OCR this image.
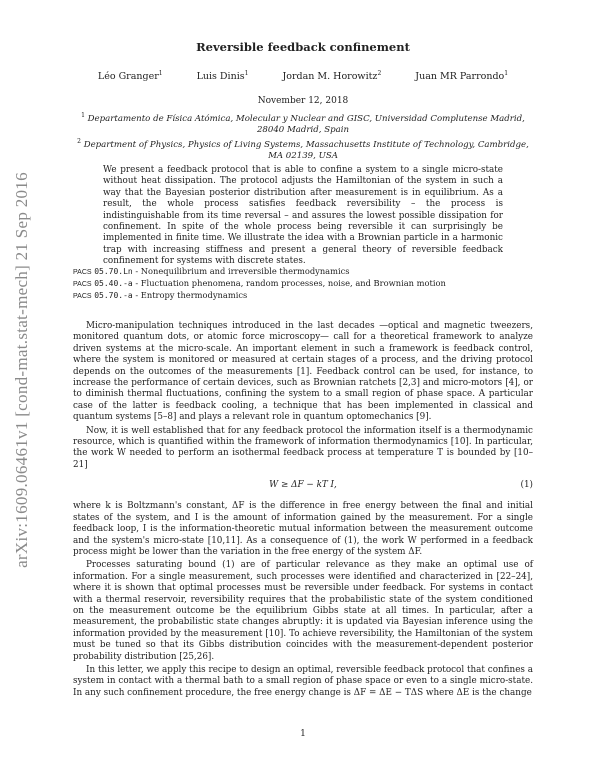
arXiv:1609.06461v1 [cond-mat.stat-mech] 21 Sep 2016
Reversible feedback confinement
Léo Granger$^1$	Luis Dinis$^1$	Jordan M. Horowitz$^2$	Juan MR Parrondo$^1$
November 12, 2018
$^1$ Departamento de Física Atómica, Molecular y Nuclear and GISC, Universidad Complutense Madrid,
28040 Madrid, Spain
$^2$ Department of Physics, Physics of Living Systems, Massachusetts Institute of Technology, Cambridge,
MA 02139, USA
We present a feedback protocol that is able to confine a system to a single micro-state without heat dissipation. The protocol adjusts the Hamiltonian of the system in such a way that the Bayesian posterior distribution after measurement is in equilibrium. As a result, the whole process satisfies feedback reversibility – the process is indistinguishable from its time reversal – and assures the lowest possible dissipation for confinement. In spite of the whole process being reversible it can surprisingly be implemented in finite time. We illustrate the idea with a Brownian particle in a harmonic trap with increasing stiffness and present a general theory of reversible feedback confinement for systems with discrete states.
PACS 05.70.Ln - Nonequilibrium and irreversible thermodynamics
PACS 05.40.-a - Fluctuation phenomena, random processes, noise, and Brownian motion
PACS 05.70.-a - Entropy thermodynamics

Micro-manipulation techniques introduced in the last decades —optical and magnetic tweezers, monitored quantum dots, or atomic force microscopy— call for a theoretical framework to analyze driven systems at the micro-scale. An important element in such a framework is feedback control, where the system is monitored or measured at certain stages of a process, and the driving protocol depends on the outcomes of the measurements [1]. Feedback control can be used, for instance, to increase the performance of certain devices, such as Brownian ratchets [2,3] and micro-motors [4], or to diminish thermal fluctuations, confining the system to a small region of phase space. A particular case of the latter is feedback cooling, a technique that has been implemented in classical and quantum systems [5–8] and plays a relevant role in quantum optomechanics [9].

Now, it is well established that for any feedback protocol the information itself is a thermodynamic resource, which is quantified within the framework of information thermodynamics [10]. In particular, the work W needed to perform an isothermal feedback process at temperature T is bounded by [10–21]

W ≥ ΔF − kT I,	(1)

where k is Boltzmann's constant, ΔF is the difference in free energy between the final and initial states of the system, and I is the amount of information gained by the measurement. For a single feedback loop, I is the information-theoretic mutual information between the measurement outcome and the system's micro-state [10,11]. As a consequence of (1), the work W performed in a feedback process might be lower than the variation in the free energy of the system ΔF.

Processes saturating bound (1) are of particular relevance as they make an optimal use of information. For a single measurement, such processes were identified and characterized in [22–24], where it is shown that optimal processes must be reversible under feedback. For systems in contact with a thermal reservoir, reversibility requires that the probabilistic state of the system conditioned on the measurement outcome be the equilibrium Gibbs state at all times. In particular, after a measurement, the probabilistic state changes abruptly: it is updated via Bayesian inference using the information provided by the measurement [10]. To achieve reversibility, the Hamiltonian of the system must be tuned so that its Gibbs distribution coincides with the measurement-dependent posterior probability distribution [25,26].

In this letter, we apply this recipe to design an optimal, reversible feedback protocol that confines a system in contact with a thermal bath to a small region of phase space or even to a single micro-state. In any such confinement procedure, the free energy change is ΔF = ΔE − TΔS where ΔE is the change

1
